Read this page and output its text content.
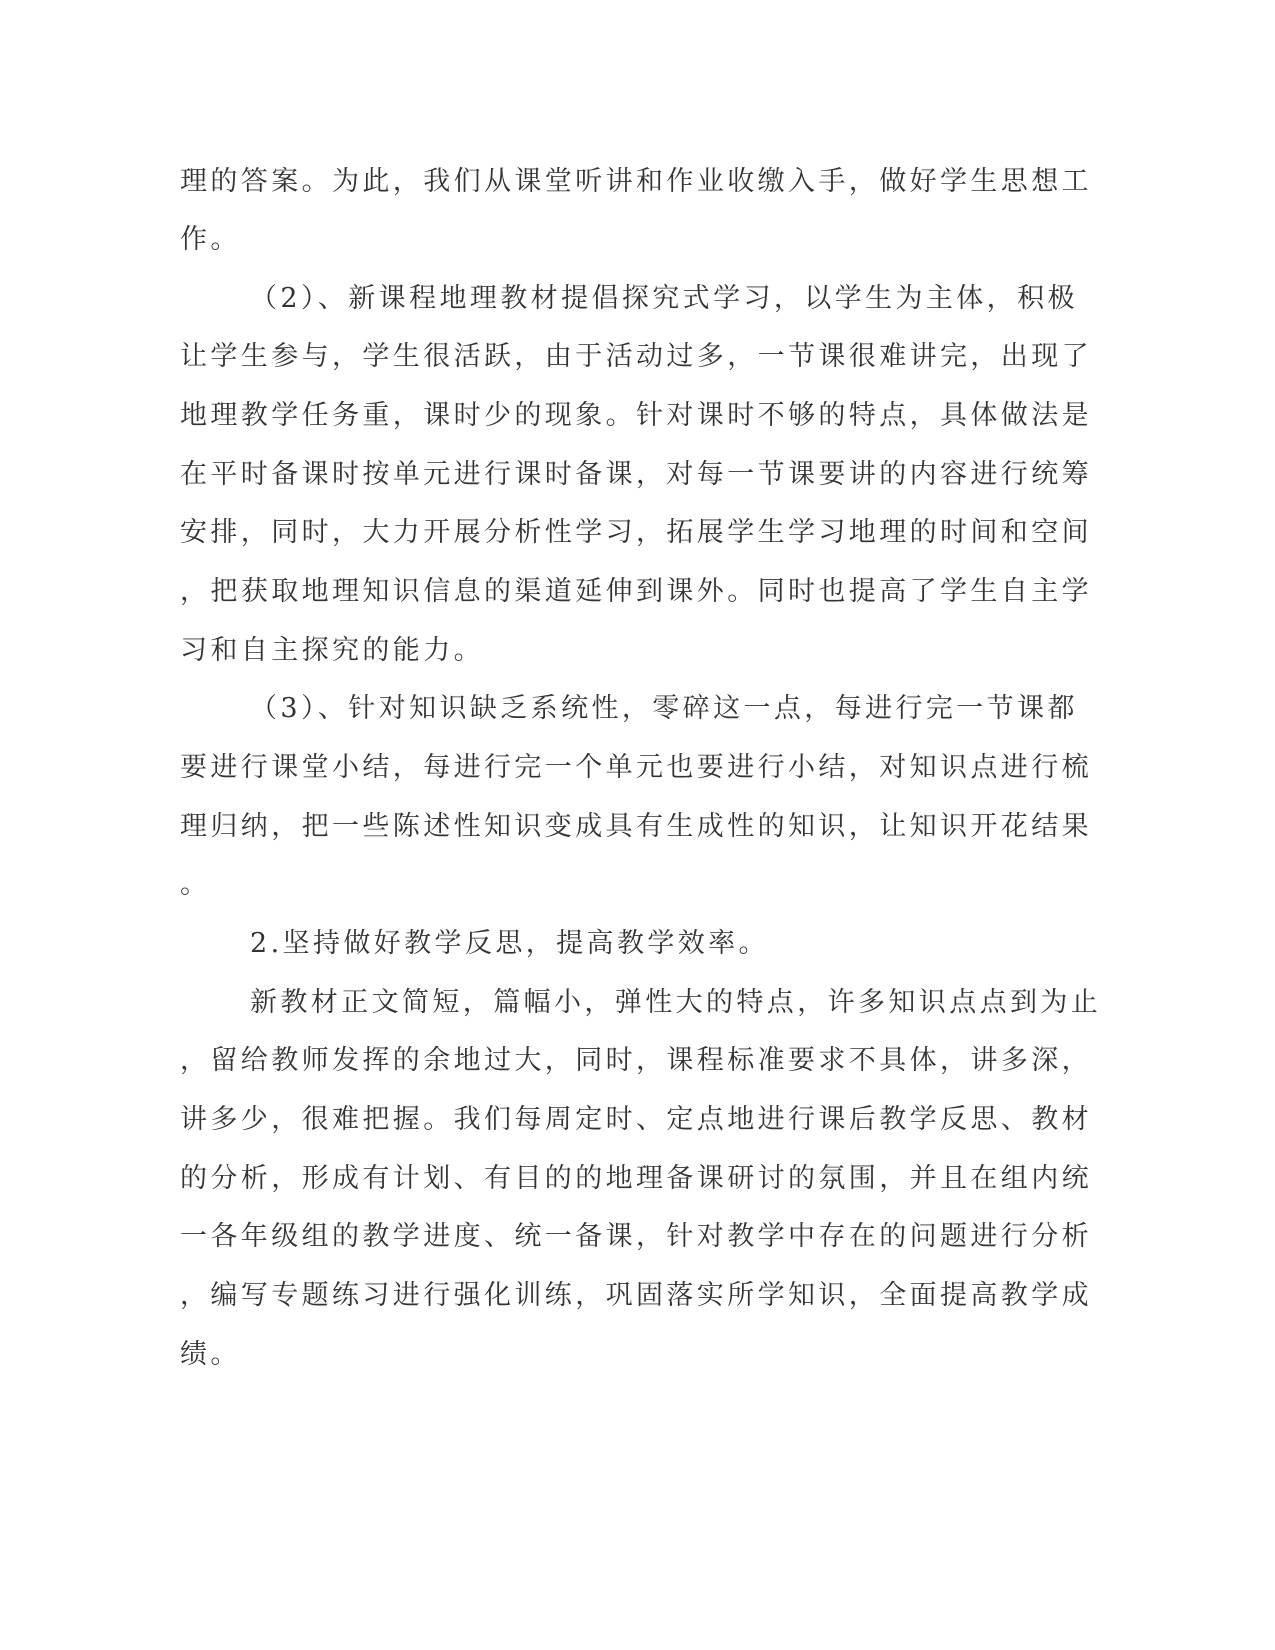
理的答案。为此，我们从课堂听讲和作业收缴入手，做好学生思想工
作。
（2）、新课程地理教材提倡探究式学习，以学生为主体，积极
让学生参与，学生很活跃，由于活动过多，一节课很难讲完，出现了
地理教学任务重，课时少的现象。针对课时不够的特点，具体做法是
在平时备课时按单元进行课时备课，对每一节课要讲的内容进行统筹
安排，同时，大力开展分析性学习，拓展学生学习地理的时间和空间
，把获取地理知识信息的渠道延伸到课外。同时也提高了学生自主学
习和自主探究的能力。
（3）、针对知识缺乏系统性，零碎这一点，每进行完一节课都
要进行课堂小结，每进行完一个单元也要进行小结，对知识点进行梳
理归纳，把一些陈述性知识变成具有生成性的知识，让知识开花结果
。
2.坚持做好教学反思，提高教学效率。
新教材正文简短，篇幅小，弹性大的特点，许多知识点点到为止
，留给教师发挥的余地过大，同时，课程标准要求不具体，讲多深，
讲多少，很难把握。我们每周定时、定点地进行课后教学反思、教材
的分析，形成有计划、有目的的地理备课研讨的氛围，并且在组内统
一各年级组的教学进度、统一备课，针对教学中存在的问题进行分析
，编写专题练习进行强化训练，巩固落实所学知识，全面提高教学成
绩。
